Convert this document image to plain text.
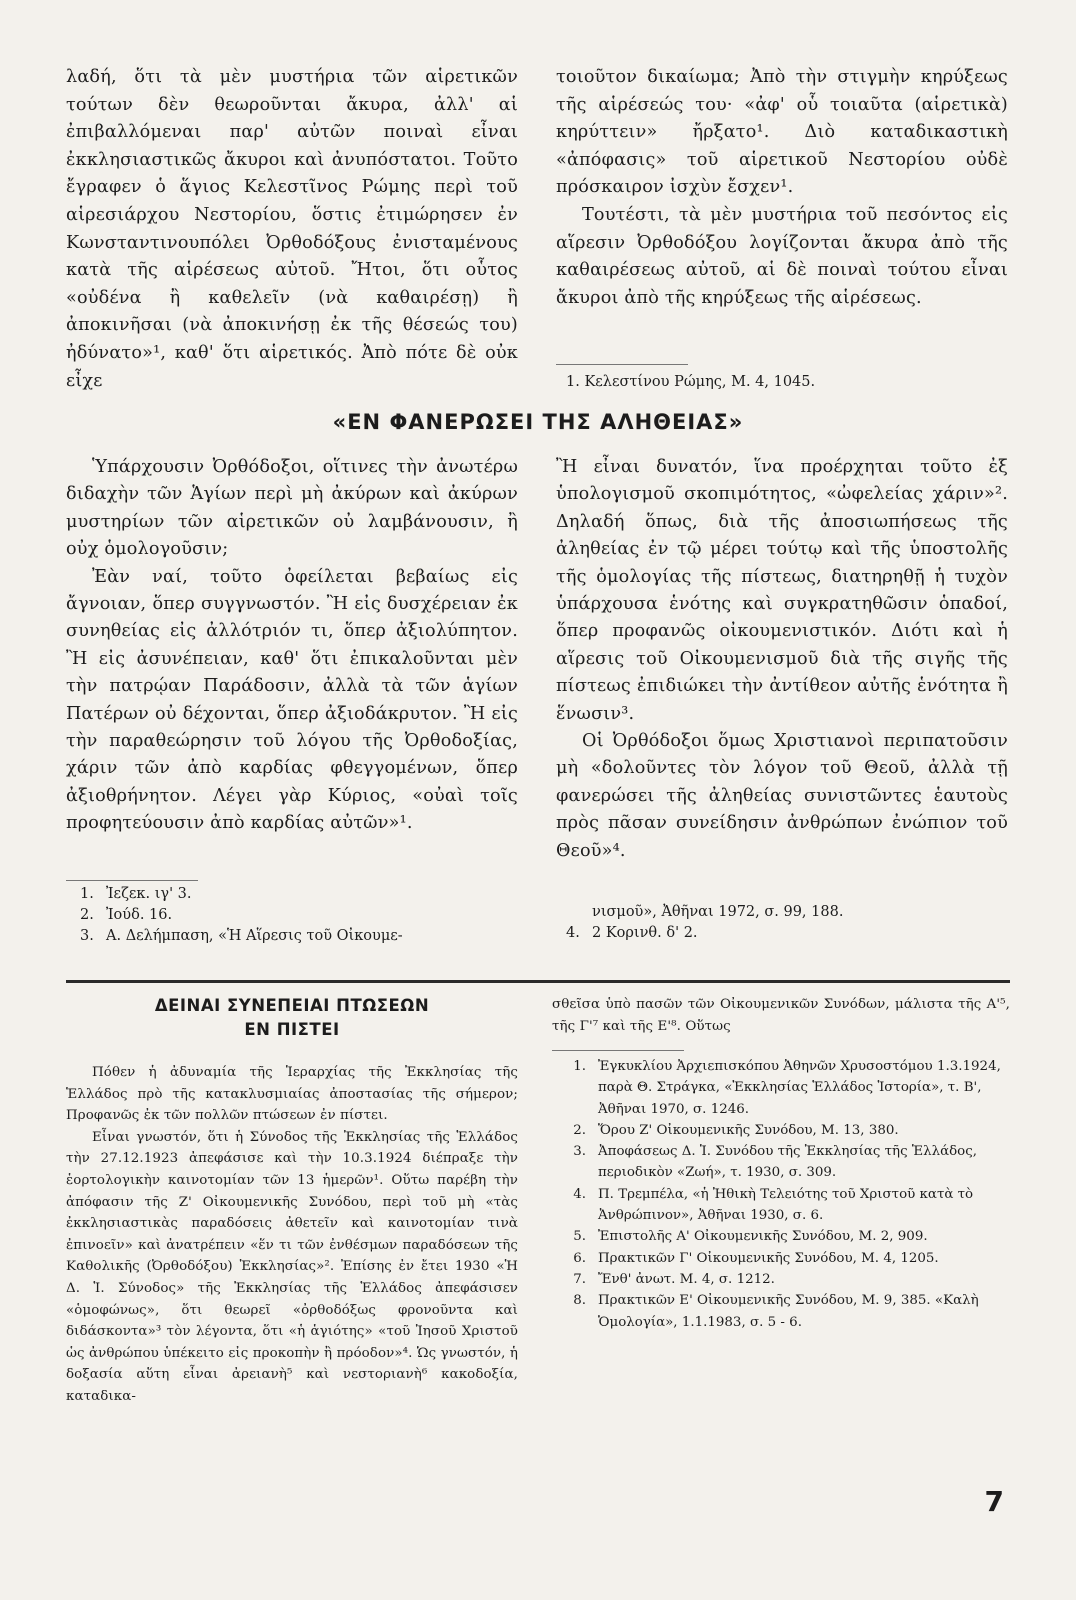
λαδή, ὅτι τὰ μὲν μυστήρια τῶν αἱρετικῶν τούτων δὲν θεωροῦνται ἄκυρα, ἀλλ' αἱ ἐπιβαλλόμεναι παρ' αὐτῶν ποιναὶ εἶναι ἐκκλησιαστικῶς ἄκυροι καὶ ἀνυπόστατοι. Τοῦτο ἔγραφεν ὁ ἅγιος Κελεστῖνος Ρώμης περὶ τοῦ αἱρεσιάρχου Νεστορίου, ὅστις ἐτιμώρησεν ἐν Κωνσταντινουπόλει Ὀρθοδόξους ἐνισταμένους κατὰ τῆς αἱρέσεως αὐτοῦ. Ἤτοι, ὅτι οὗτος «οὐδένα ἢ καθελεῖν (νὰ καθαιρέσῃ) ἢ ἀποκινῆσαι (νὰ ἀποκινήσῃ ἐκ τῆς θέσεώς του) ἠδύνατο»¹, καθ' ὅτι αἱρετικός. Ἀπὸ πότε δὲ οὐκ εἶχε

τοιοῦτον δικαίωμα; Ἀπὸ τὴν στιγμὴν κηρύξεως τῆς αἱρέσεώς του· «ἀφ' οὗ τοιαῦτα (αἱρετικὰ) κηρύττειν» ἤρξατο¹. Διὸ καταδικαστικὴ «ἀπόφασις» τοῦ αἱρετικοῦ Νεστορίου οὐδὲ πρόσκαιρον ἰσχὺν ἔσχεν¹.

Τουτέστι, τὰ μὲν μυστήρια τοῦ πεσόντος εἰς αἵρεσιν Ὀρθοδόξου λογίζονται ἄκυρα ἀπὸ τῆς καθαιρέσεως αὐτοῦ, αἱ δὲ ποιναὶ τούτου εἶναι ἄκυροι ἀπὸ τῆς κηρύξεως τῆς αἱρέσεως.

1. Κελεστίνου Ρώμης, Μ. 4, 1045.

«ΕΝ ΦΑΝΕΡΩΣΕΙ ΤΗΣ ΑΛΗΘΕΙΑΣ»

Ὑπάρχουσιν Ὀρθόδοξοι, οἵτινες τὴν ἀνωτέρω διδαχὴν τῶν Ἁγίων περὶ μὴ ἀκύρων καὶ ἀκύρων μυστηρίων τῶν αἱρετικῶν οὐ λαμβάνουσιν, ἢ οὐχ ὁμολογοῦσιν;

Ἐὰν ναί, τοῦτο ὀφείλεται βεβαίως εἰς ἄγνοιαν, ὅπερ συγγνωστόν. Ἢ εἰς δυσχέρειαν ἐκ συνηθείας εἰς ἀλλότριόν τι, ὅπερ ἀξιολύπητον. Ἢ εἰς ἀσυνέπειαν, καθ' ὅτι ἐπικαλοῦνται μὲν τὴν πατρῴαν Παράδοσιν, ἀλλὰ τὰ τῶν ἁγίων Πατέρων οὐ δέχονται, ὅπερ ἀξιοδάκρυτον. Ἢ εἰς τὴν παραθεώρησιν τοῦ λόγου τῆς Ὀρθοδοξίας, χάριν τῶν ἀπὸ καρδίας φθεγγομένων, ὅπερ ἀξιοθρήνητον. Λέγει γὰρ Κύριος, «οὐαὶ τοῖς προφητεύουσιν ἀπὸ καρδίας αὐτῶν»¹.

1. Ἰεζεκ. ιγ' 3.
2. Ἰούδ. 16.
3. Α. Δελήμπαση, «Ἡ Αἵρεσις τοῦ Οἰκουμε-

Ἢ εἶναι δυνατόν, ἵνα προέρχηται τοῦτο ἐξ ὑπολογισμοῦ σκοπιμότητος, «ὠφελείας χάριν»². Δηλαδή ὅπως, διὰ τῆς ἀποσιωπήσεως τῆς ἀληθείας ἐν τῷ μέρει τούτῳ καὶ τῆς ὑποστολῆς τῆς ὁμολογίας τῆς πίστεως, διατηρηθῇ ἡ τυχὸν ὑπάρχουσα ἑνότης καὶ συγκρατηθῶσιν ὁπαδοί, ὅπερ προφανῶς οἰκουμενιστικόν. Διότι καὶ ἡ αἵρεσις τοῦ Οἰκουμενισμοῦ διὰ τῆς σιγῆς τῆς πίστεως ἐπιδιώκει τὴν ἀντίθεον αὐτῆς ἑνότητα ἢ ἕνωσιν³.

Οἱ Ὀρθόδοξοι ὅμως Χριστιανοὶ περιπατοῦσιν μὴ «δολοῦντες τὸν λόγον τοῦ Θεοῦ, ἀλλὰ τῇ φανερώσει τῆς ἀληθείας συνιστῶντες ἑαυτοὺς πρὸς πᾶσαν συνείδησιν ἀνθρώπων ἐνώπιον τοῦ Θεοῦ»⁴.

νισμοῦ», Ἀθῆναι 1972, σ. 99, 188.
4. 2 Κορινθ. δ' 2.
ΔΕΙΝΑΙ ΣΥΝΕΠΕΙΑΙ ΠΤΩΣΕΩΝ
ΕΝ ΠΙΣΤΕΙ

Πόθεν ἡ ἀδυναμία τῆς Ἱεραρχίας τῆς Ἐκκλησίας τῆς Ἑλλάδος πρὸ τῆς κατακλυσμιαίας ἀποστασίας τῆς σήμερον; Προφανῶς ἐκ τῶν πολλῶν πτώσεων ἐν πίστει.

Εἶναι γνωστόν, ὅτι ἡ Σύνοδος τῆς Ἐκκλησίας τῆς Ἑλλάδος τὴν 27.12.1923 ἀπεφάσισε καὶ τὴν 10.3.1924 διέπραξε τὴν ἑορτολογικὴν καινοτομίαν τῶν 13 ἡμερῶν¹. Οὕτω παρέβη τὴν ἀπόφασιν τῆς Ζ' Οἰκουμενικῆς Συνόδου, περὶ τοῦ μὴ «τὰς ἐκκλησιαστικὰς παραδόσεις ἀθετεῖν καὶ καινοτομίαν τινὰ ἐπινοεῖν» καὶ ἀνατρέπειν «ἕν τι τῶν ἐνθέσμων παραδόσεων τῆς Καθολικῆς (Ὀρθοδόξου) Ἐκκλησίας»². Ἐπίσης ἐν ἔτει 1930 «Ἡ Δ. Ἱ. Σύνοδος» τῆς Ἐκκλησίας τῆς Ἑλλάδος ἀπεφάσισεν «ὁμοφώνως», ὅτι θεωρεῖ «ὀρθοδόξως φρονοῦντα καὶ διδάσκοντα»³ τὸν λέγοντα, ὅτι «ἡ ἁγιότης» «τοῦ Ἰησοῦ Χριστοῦ ὡς ἀνθρώπου ὑπέκειτο εἰς προκοπὴν ἢ πρόοδον»⁴. Ὡς γνωστόν, ἡ δοξασία αὕτη εἶναι ἀρειανὴ⁵ καὶ νεστοριανὴ⁶ κακοδοξία, καταδικα-

σθεῖσα ὑπὸ πασῶν τῶν Οἰκουμενικῶν Συνόδων, μάλιστα τῆς Α'⁵, τῆς Γ'⁷ καὶ τῆς Ε'⁸. Οὕτως

1. Ἐγκυκλίου Ἀρχιεπισκόπου Ἀθηνῶν Χρυσοστόμου 1.3.1924, παρὰ Θ. Στράγκα, «Ἐκκλησίας Ἑλλάδος Ἱστορία», τ. Β', Ἀθῆναι 1970, σ. 1246.
2. Ὅρου Ζ' Οἰκουμενικῆς Συνόδου, Μ. 13, 380.
3. Ἀποφάσεως Δ. Ἱ. Συνόδου τῆς Ἐκκλησίας τῆς Ἑλλάδος, περιοδικὸν «Ζωή», τ. 1930, σ. 309.
4. Π. Τρεμπέλα, «ἡ Ἠθικὴ Τελειότης τοῦ Χριστοῦ κατὰ τὸ Ἀνθρώπινον», Ἀθῆναι 1930, σ. 6.
5. Ἐπιστολῆς Α' Οἰκουμενικῆς Συνόδου, Μ. 2, 909.
6. Πρακτικῶν Γ' Οἰκουμενικῆς Συνόδου, Μ. 4, 1205.
7. Ἔνθ' ἀνωτ. Μ. 4, σ. 1212.
8. Πρακτικῶν Ε' Οἰκουμενικῆς Συνόδου, Μ. 9, 385. «Καλὴ Ὁμολογία», 1.1.1983, σ. 5 - 6.
7
